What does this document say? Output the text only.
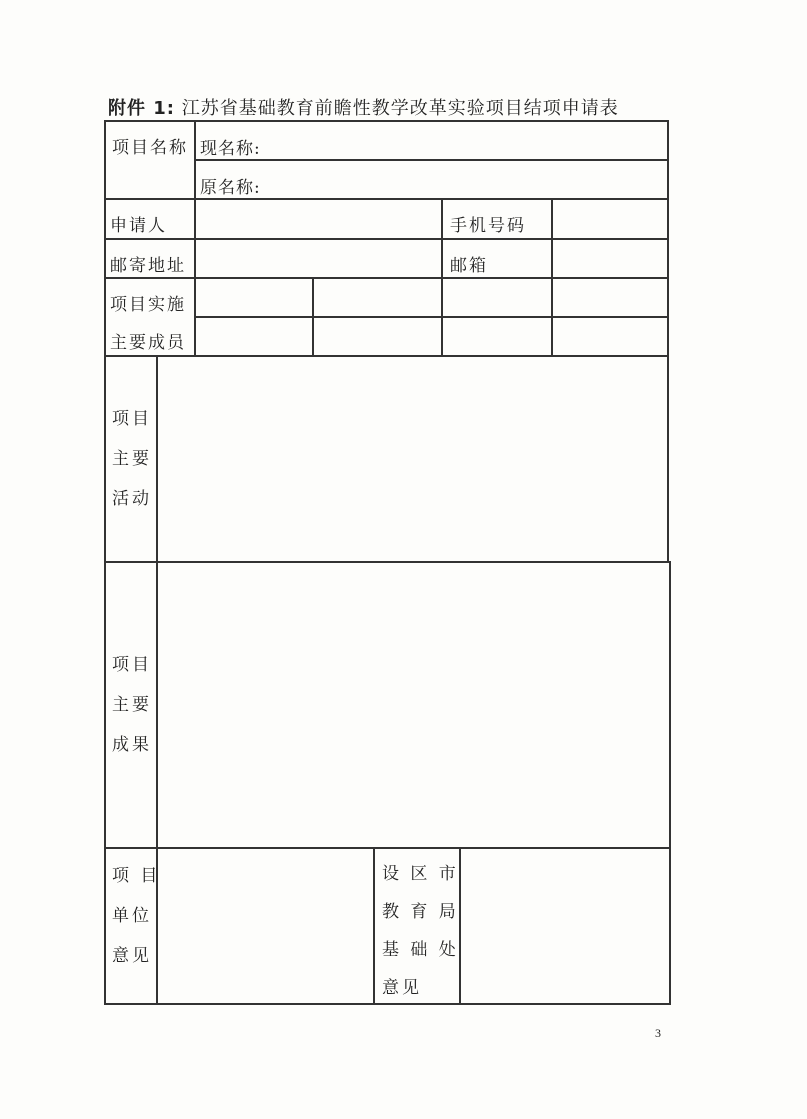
附件 1: 江苏省基础教育前瞻性教学改革实验项目结项申请表
项目名称 现名称:
原名称:
申请人	手机号码
邮寄地址	邮箱
项目实施
主要成员
项目
主要
活动
项目
主要
成果
项 目
单位
意见
设 区 市
教 育 局
基 础 处
意见
3
